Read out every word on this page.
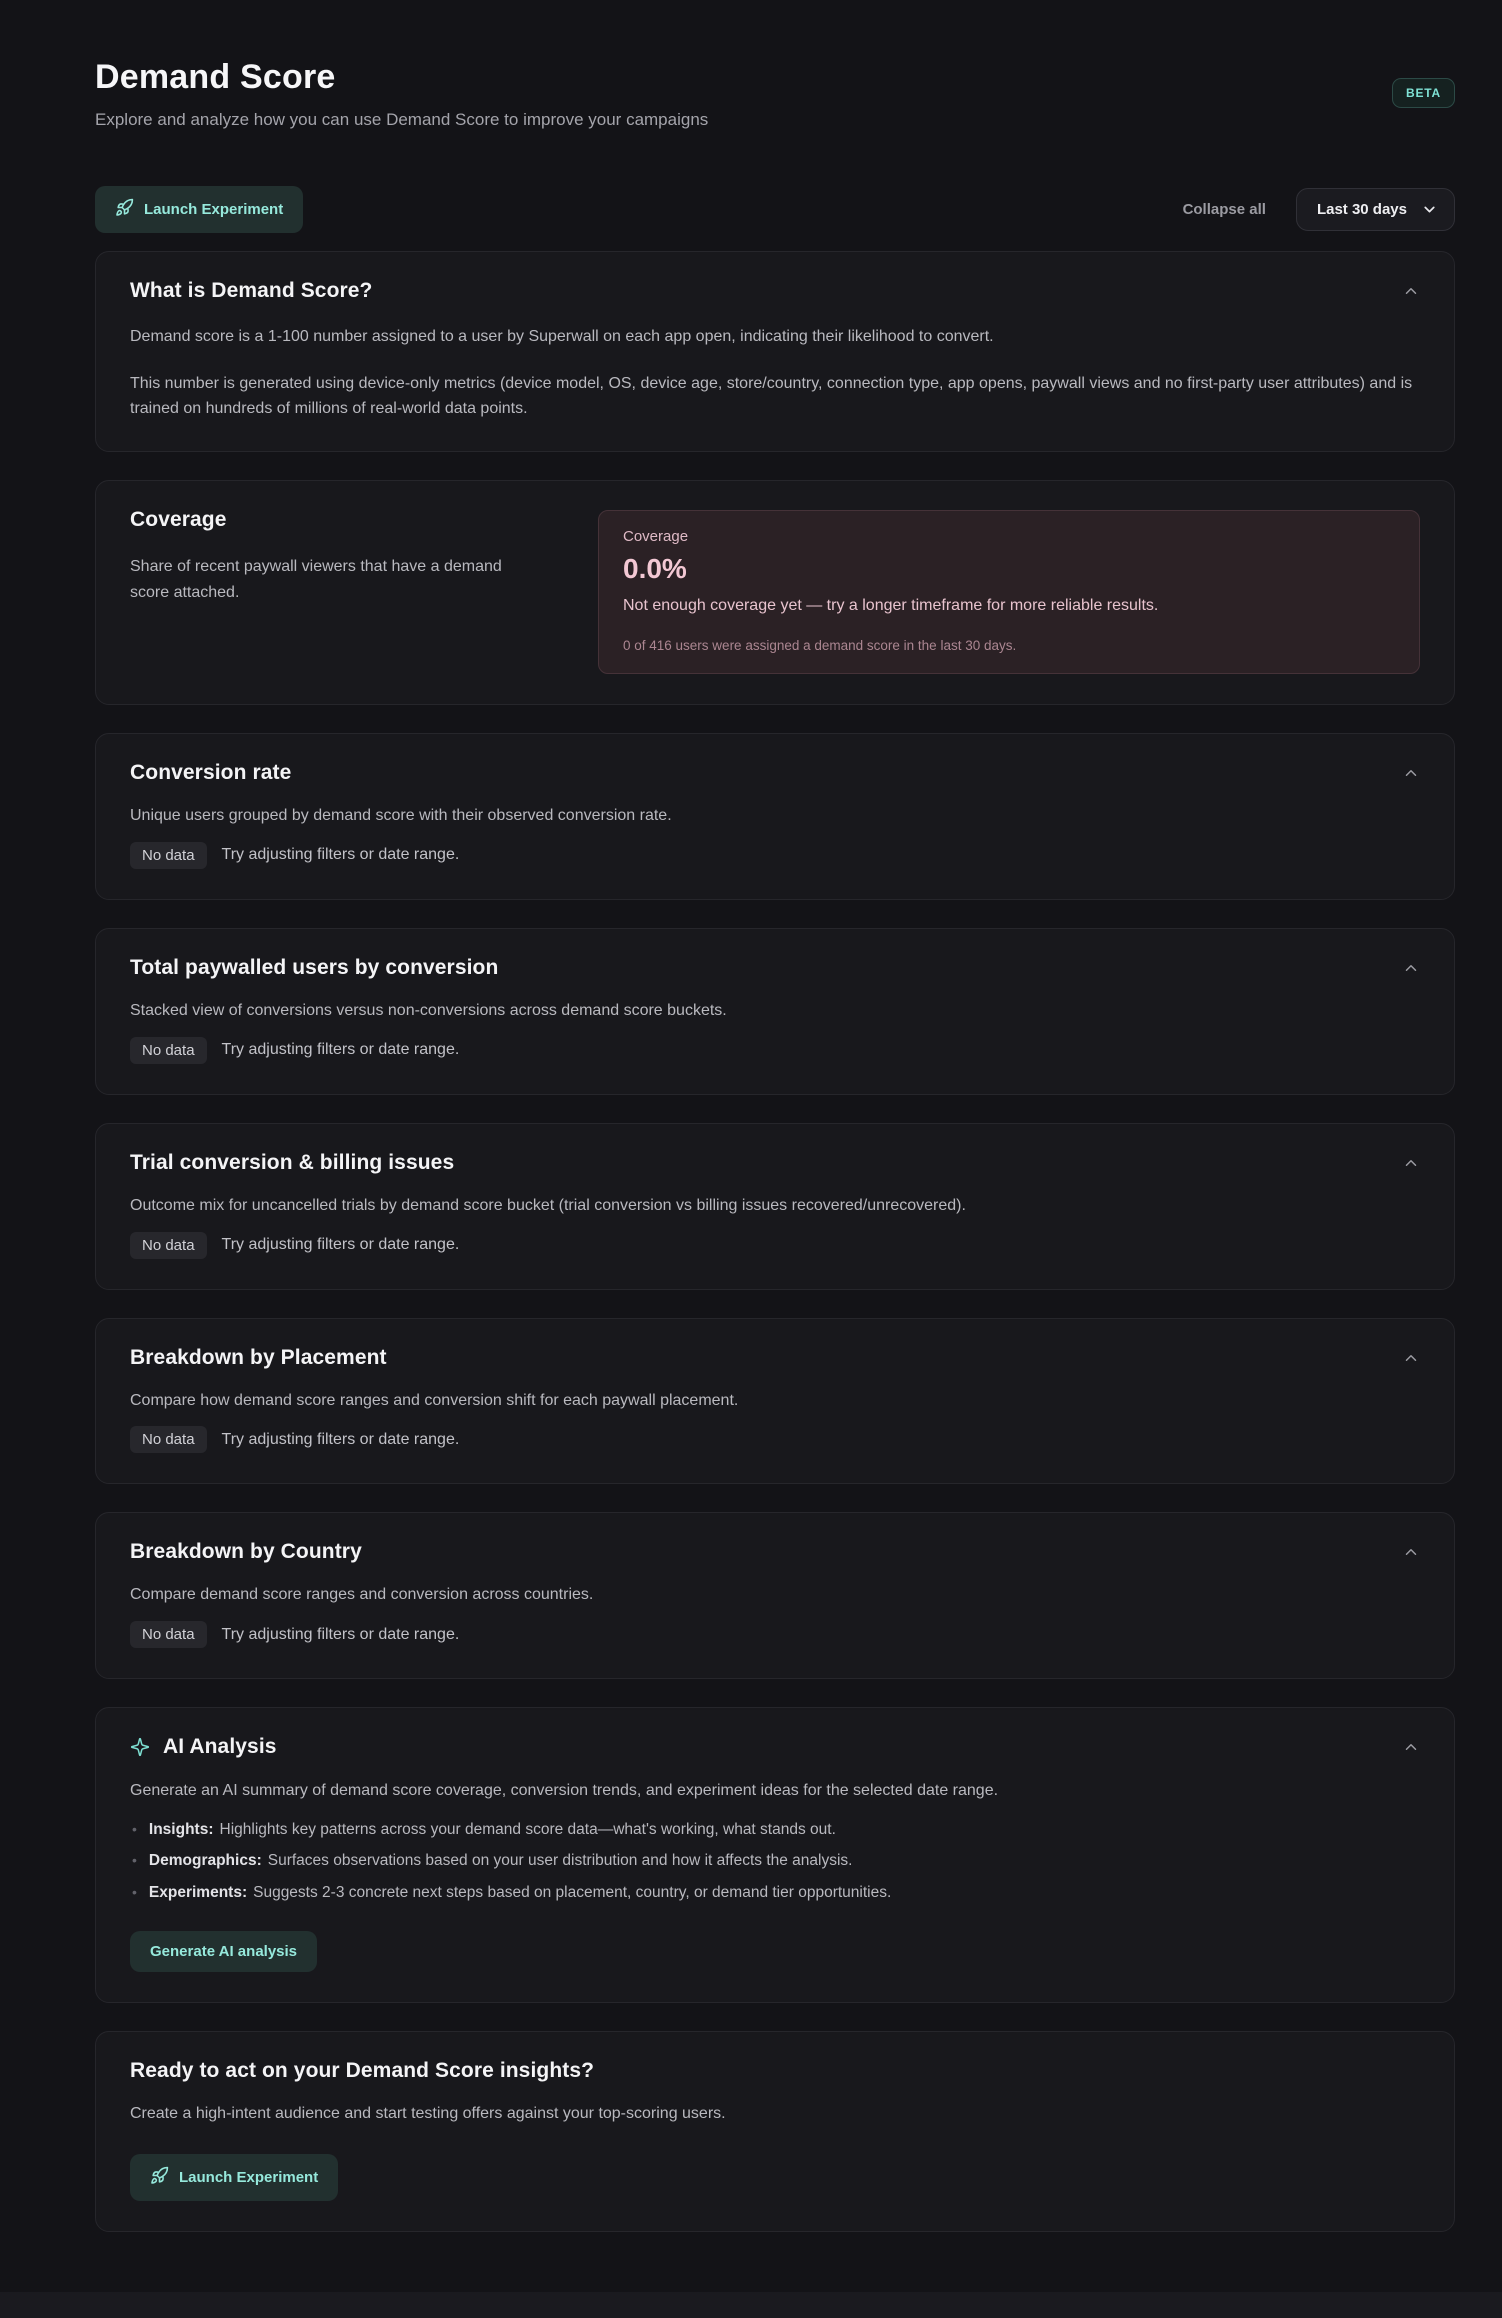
Demand Score

Explore and analyze how you can use Demand Score to improve your campaigns

BETA
Launch Experiment	Collapse all	Last 30 days
What is Demand Score?

Demand score is a 1-100 number assigned to a user by Superwall on each app open, indicating their likelihood to convert.

This number is generated using device-only metrics (device model, OS, device age, store/country, connection type, app opens, paywall views and no first-party user attributes) and is trained on hundreds of millions of real-world data points.

Coverage

Share of recent paywall viewers that have a demand score attached.

Coverage
0.0%
Not enough coverage yet — try a longer timeframe for more reliable results.
0 of 416 users were assigned a demand score in the last 30 days.
Conversion rate

Unique users grouped by demand score with their observed conversion rate.

No data	Try adjusting filters or date range.
Total paywalled users by conversion

Stacked view of conversions versus non-conversions across demand score buckets.

No data	Try adjusting filters or date range.
Trial conversion & billing issues

Outcome mix for uncancelled trials by demand score bucket (trial conversion vs billing issues recovered/unrecovered).

No data	Try adjusting filters or date range.
Breakdown by Placement

Compare how demand score ranges and conversion shift for each paywall placement.

No data	Try adjusting filters or date range.
Breakdown by Country

Compare demand score ranges and conversion across countries.

No data	Try adjusting filters or date range.
AI Analysis

Generate an AI summary of demand score coverage, conversion trends, and experiment ideas for the selected date range.

• Insights: Highlights key patterns across your demand score data—what's working, what stands out.
• Demographics: Surfaces observations based on your user distribution and how it affects the analysis.
• Experiments: Suggests 2-3 concrete next steps based on placement, country, or demand tier opportunities.
Generate AI analysis
Ready to act on your Demand Score insights?

Create a high-intent audience and start testing offers against your top-scoring users.

Launch Experiment
